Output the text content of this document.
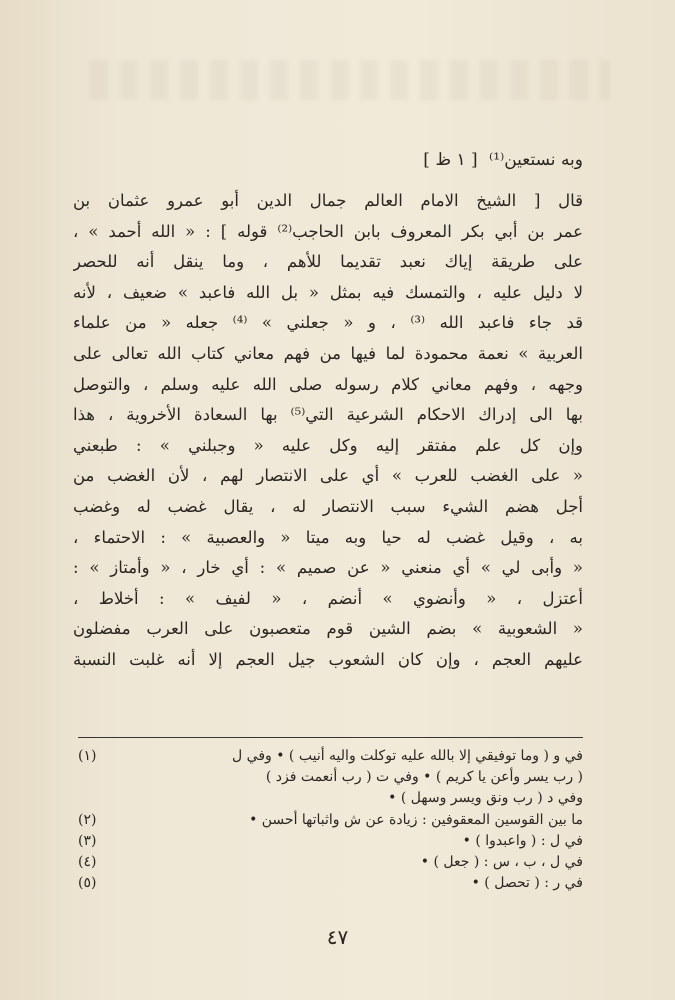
وبه نستعين⁽¹⁾ [ ١ ظ ]
قال [ الشيخ الامام العالم جمال الدين أبو عمرو عثمان بن
عمر بن أبي بكر المعروف بابن الحاجب⁽²⁾ قوله ] : « الله أحمد » ،
على طريقة إياك نعبد تقديما للأهم ، وما ينقل أنه للحصر
لا دليل عليه ، والتمسك فيه بمثل « بل الله فاعبد » ضعيف ، لأنه
قد جاء فاعبد الله ⁽³⁾ ، و « جعلني » ⁽⁴⁾ جعله « من علماء
العربية » نعمة محمودة لما فيها من فهم معاني كتاب الله تعالى على
وجهه ، وفهم معاني كلام رسوله صلى الله عليه وسلم ، والتوصل
بها الى إدراك الاحكام الشرعية التي⁽⁵⁾ بها السعادة الأخروية ، هذا
وإن كل علم مفتقر إليه وكل عليه « وجبلني » : طبعني
« على الغضب للعرب » أي على الانتصار لهم ، لأن الغضب من
أجل هضم الشيء سبب الانتصار له ، يقال غضب له وغضب
به ، وقيل غضب له حيا وبه ميتا « والعصبية » : الاحتماء ،
« وأبى لي » أي منعني « عن صميم » : أي خار ، « وأمتاز » :
أعتزل ، « وأنضوي » أنضم ، « لفيف » : أخلاط ،
« الشعوبية » بضم الشين قوم متعصبون على العرب مفضلون
عليهم العجم ، وإن كان الشعوب جيل العجم إلا أنه غلبت النسبة
(١)	في و ( وما توفيقي إلا بالله عليه توكلت واليه أنيب ) • وفي ل
( رب يسر وأعن يا كريم ) • وفي ت ( رب أنعمت فزد )
وفي د ( رب ونق ويسر وسهل ) •
(٢)	ما بين القوسين المعقوفين : زيادة عن ش واثباتها أحسن •
(٣)	في ل : ( واعبدوا ) •
(٤)	في ل ، ب ، س : ( جعل ) •
(٥)	في ر : ( تحصل ) •
٤٧
